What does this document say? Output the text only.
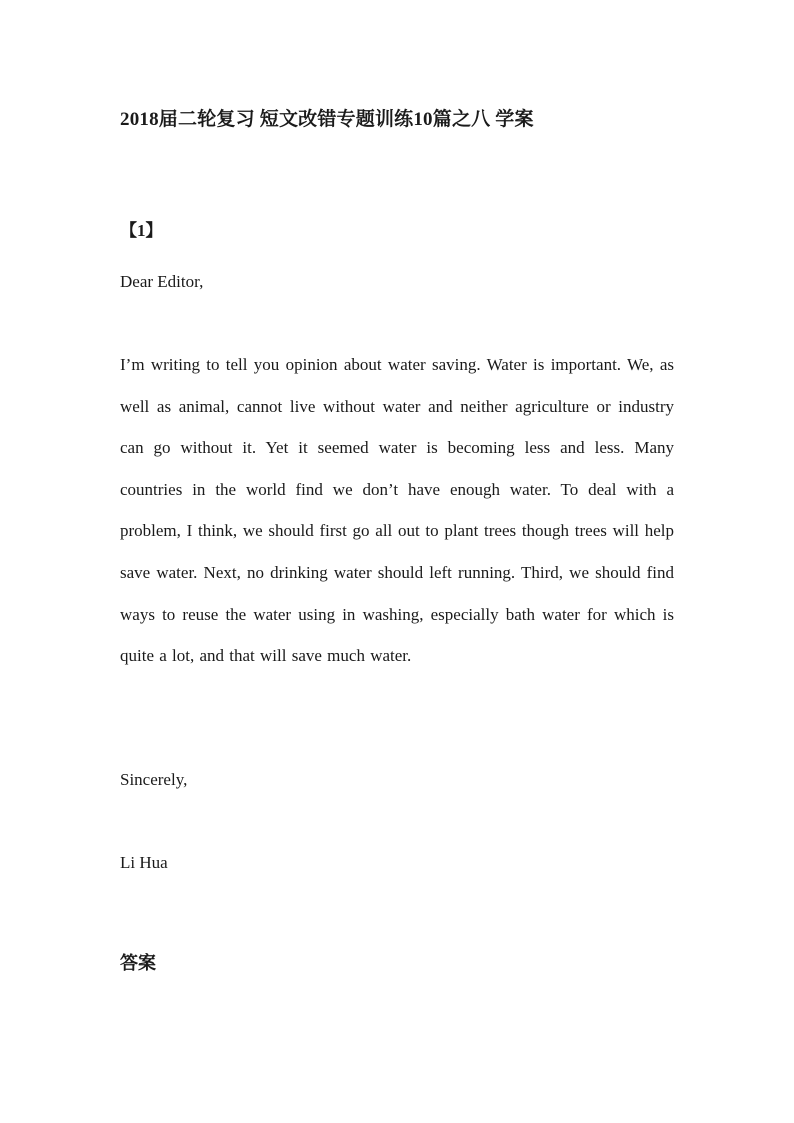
2018届二轮复习 短文改错专题训练10篇之八 学案
【1】
Dear Editor,

I’m writing to tell you opinion about water saving. Water is important. We, as well as animal, cannot live without water and neither agriculture or industry can go without it. Yet it seemed water is becoming less and less. Many countries in the world find we don’t have enough water. To deal with a problem, I think, we should first go all out to plant trees though trees will help save water. Next, no drinking water should left running. Third, we should find ways to reuse the water using in washing, especially bath water for which is quite a lot, and that will save much water.

Sincerely,
Li Hua
答案
